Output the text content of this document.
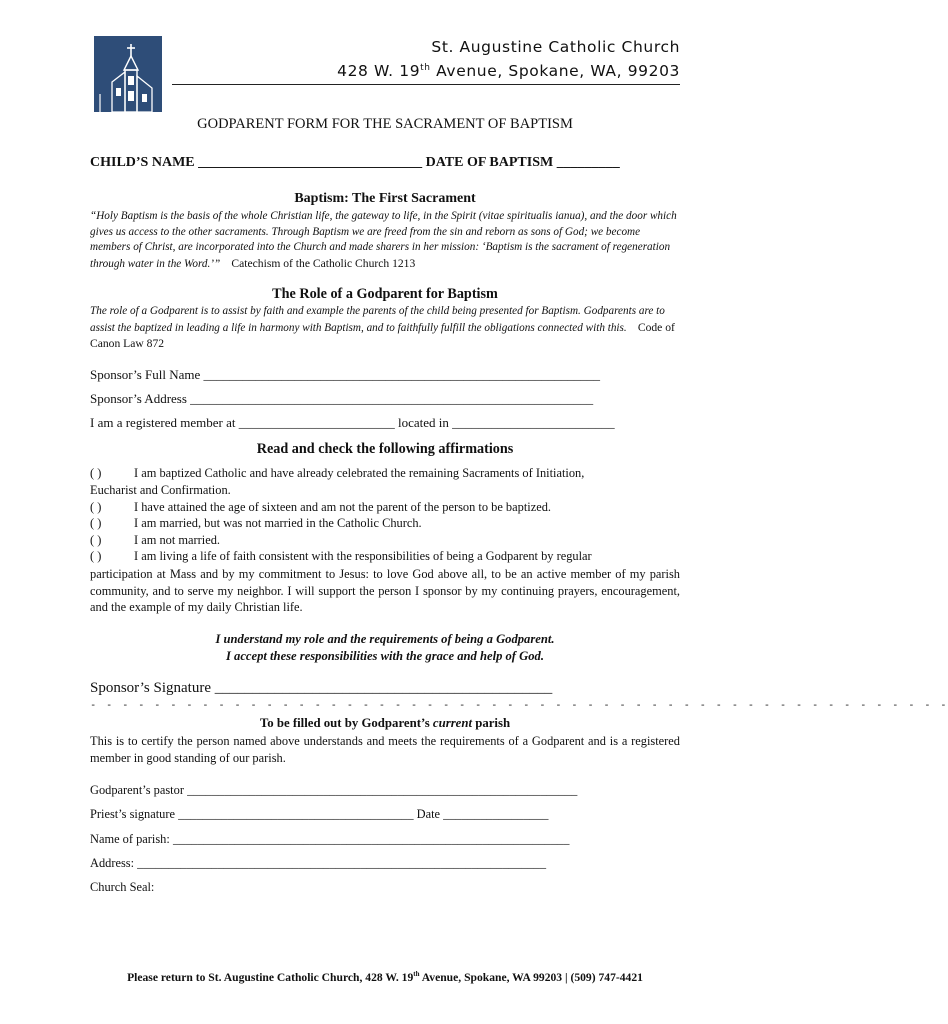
St. Augustine Catholic Church
428 W. 19th Avenue, Spokane, WA, 99203
GODPARENT FORM FOR THE SACRAMENT OF BAPTISM
CHILD’S NAME ________________________________ DATE OF BAPTISM _________
Baptism: The First Sacrament
“Holy Baptism is the basis of the whole Christian life, the gateway to life, in the Spirit (vitae spiritualis ianua), and the door which gives us access to the other sacraments. Through Baptism we are freed from the sin and reborn as sons of God; we become members of Christ, are incorporated into the Church and made sharers in her mission: ‘Baptism is the sacrament of regeneration through water in the Word.’” Catechism of the Catholic Church 1213
The Role of a Godparent for Baptism
The role of a Godparent is to assist by faith and example the parents of the child being presented for Baptism. Godparents are to assist the baptized in leading a life in harmony with Baptism, and to faithfully fulfill the obligations connected with this. Code of Canon Law 872
Sponsor’s Full Name _____________________________________________________________
Sponsor’s Address ______________________________________________________________
I am a registered member at ________________________ located in _________________________
Read and check the following affirmations
( )	I am baptized Catholic and have already celebrated the remaining Sacraments of Initiation,
Eucharist and Confirmation.
( )	I have attained the age of sixteen and am not the parent of the person to be baptized.
( )	I am married, but was not married in the Catholic Church.
( )	I am not married.
( )	I am living a life of faith consistent with the responsibilities of being a Godparent by regular
participation at Mass and by my commitment to Jesus: to love God above all, to be an active member of my parish community, and to serve my neighbor. I will support the person I sponsor by my continuing prayers, encouragement, and the example of my daily Christian life.
I understand my role and the requirements of being a Godparent.
I accept these responsibilities with the grace and help of God.
Sponsor’s Signature _____________________________________________
- - - - - - - - - - - - - - - - - - - - - - - - - - - - - - - - - - - - - - - - - - - - - - - - - - - - - -
To be filled out by Godparent’s current parish
This is to certify the person named above understands and meets the requirements of a Godparent and is a registered member in good standing of our parish.
Godparent’s pastor _______________________________________________________________
Priest’s signature ______________________________________ Date _________________
Name of parish: ________________________________________________________________
Address: __________________________________________________________________
Church Seal:
Please return to St. Augustine Catholic Church, 428 W. 19th Avenue, Spokane, WA 99203 | (509) 747-4421
